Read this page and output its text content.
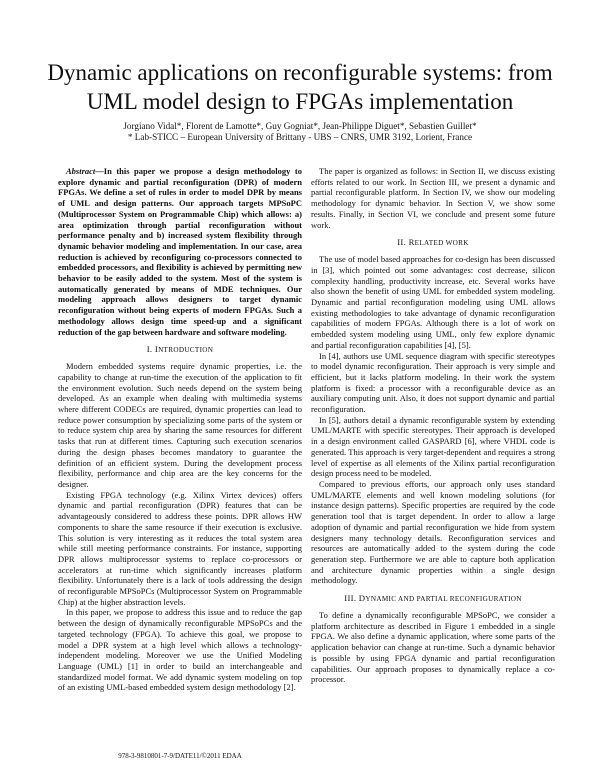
Dynamic applications on reconfigurable systems: from UML model design to FPGAs implementation
Jorgiano Vidal*, Florent de Lamotte*, Guy Gogniat*, Jean-Philippe Diguet*, Sebastien Guillet*
* Lab-STICC – European University of Brittany - UBS – CNRS, UMR 3192, Lorient, France

Abstract—In this paper we propose a design methodology to explore dynamic and partial reconfiguration (DPR) of modern FPGAs. We define a set of rules in order to model DPR by means of UML and design patterns. Our approach targets MPSoPC (Multiprocessor System on Programmable Chip) which allows: a) area optimization through partial reconfiguration without performance penalty and b) increased system flexibility through dynamic behavior modeling and implementation. In our case, area reduction is achieved by reconfiguring co-processors connected to embedded processors, and flexibility is achieved by permitting new behavior to be easily added to the system. Most of the system is automatically generated by means of MDE techniques. Our modeling approach allows designers to target dynamic reconfiguration without being experts of modern FPGAs. Such a methodology allows design time speed-up and a significant reduction of the gap between hardware and software modeling.

I. INTRODUCTION

Modern embedded systems require dynamic properties, i.e. the capability to change at run-time the execution of the application to fit the environment evolution. Such needs depend on the system being developed. As an example when dealing with multimedia systems where different CODECs are required, dynamic properties can lead to reduce power consumption by specializing some parts of the system or to reduce system chip area by sharing the same resources for different tasks that run at different times. Capturing such execution scenarios during the design phases becomes mandatory to guarantee the definition of an efficient system. During the development process flexibility, performance and chip area are the key concerns for the designer.

Existing FPGA technology (e.g. Xilinx Virtex devices) offers dynamic and partial reconfiguration (DPR) features that can be advantageously considered to address these points. DPR allows HW components to share the same resource if their execution is exclusive. This solution is very interesting as it reduces the total system area while still meeting performance constraints. For instance, supporting DPR allows multiprocessor systems to replace co-processors or accelerators at run-time which significantly increases platform flexibility. Unfortunately there is a lack of tools addressing the design of reconfigurable MPSoPCs (Multiprocessor System on Programmable Chip) at the higher abstraction levels.

In this paper, we propose to address this issue and to reduce the gap between the design of dynamically reconfigurable MPSoPCs and the targeted technology (FPGA). To achieve this goal, we propose to model a DPR system at a high level which allows a technology-independent modeling. Moreover we use the Unified Modeling Language (UML) [1] in order to build an interchangeable and standardized model format. We add dynamic system modeling on top of an existing UML-based embedded system design methodology [2].

The paper is organized as follows: in Section II, we discuss existing efforts related to our work. In Section III, we present a dynamic and partial reconfigurable platform. In Section IV, we show our modeling methodology for dynamic behavior. In Section V, we show some results. Finally, in Section VI, we conclude and present some future work.

II. RELATED WORK

The use of model based approaches for co-design has been discussed in [3], which pointed out some advantages: cost decrease, silicon complexity handling, productivity increase, etc. Several works have also shown the benefit of using UML for embedded system modeling. Dynamic and partial reconfiguration modeling using UML allows existing methodologies to take advantage of dynamic reconfiguration capabilities of modern FPGAs. Although there is a lot of work on embedded system modeling using UML, only few explore dynamic and partial reconfiguration capabilities [4], [5].

In [4], authors use UML sequence diagram with specific stereotypes to model dynamic reconfiguration. Their approach is very simple and efficient, but it lacks platform modeling. In their work the system platform is fixed: a processor with a reconfigurable device as an auxiliary computing unit. Also, it does not support dynamic and partial reconfiguration.

In [5], authors detail a dynamic reconfigurable system by extending UML/MARTE with specific stereotypes. Their approach is developed in a design environment called GASPARD [6], where VHDL code is generated. This approach is very target-dependent and requires a strong level of expertise as all elements of the Xilinx partial reconfiguration design process need to be modeled.

Compared to previous efforts, our approach only uses standard UML/MARTE elements and well known modeling solutions (for instance design patterns). Specific properties are required by the code generation tool that is target dependent. In order to allow a large adoption of dynamic and partial reconfiguration we hide from system designers many technology details. Reconfiguration services and resources are automatically added to the system during the code generation step. Furthermore we are able to capture both application and architecture dynamic properties within a single design methodology.

III. DYNAMIC AND PARTIAL RECONFIGURATION

To define a dynamically reconfigurable MPSoPC, we consider a platform architecture as described in Figure 1 embedded in a single FPGA. We also define a dynamic application, where some parts of the application behavior can change at run-time. Such a dynamic behavior is possible by using FPGA dynamic and partial reconfiguration capabilities. Our approach proposes to dynamically replace a co-processor.

978-3-9810801-7-9/DATE11/©2011 EDAA
